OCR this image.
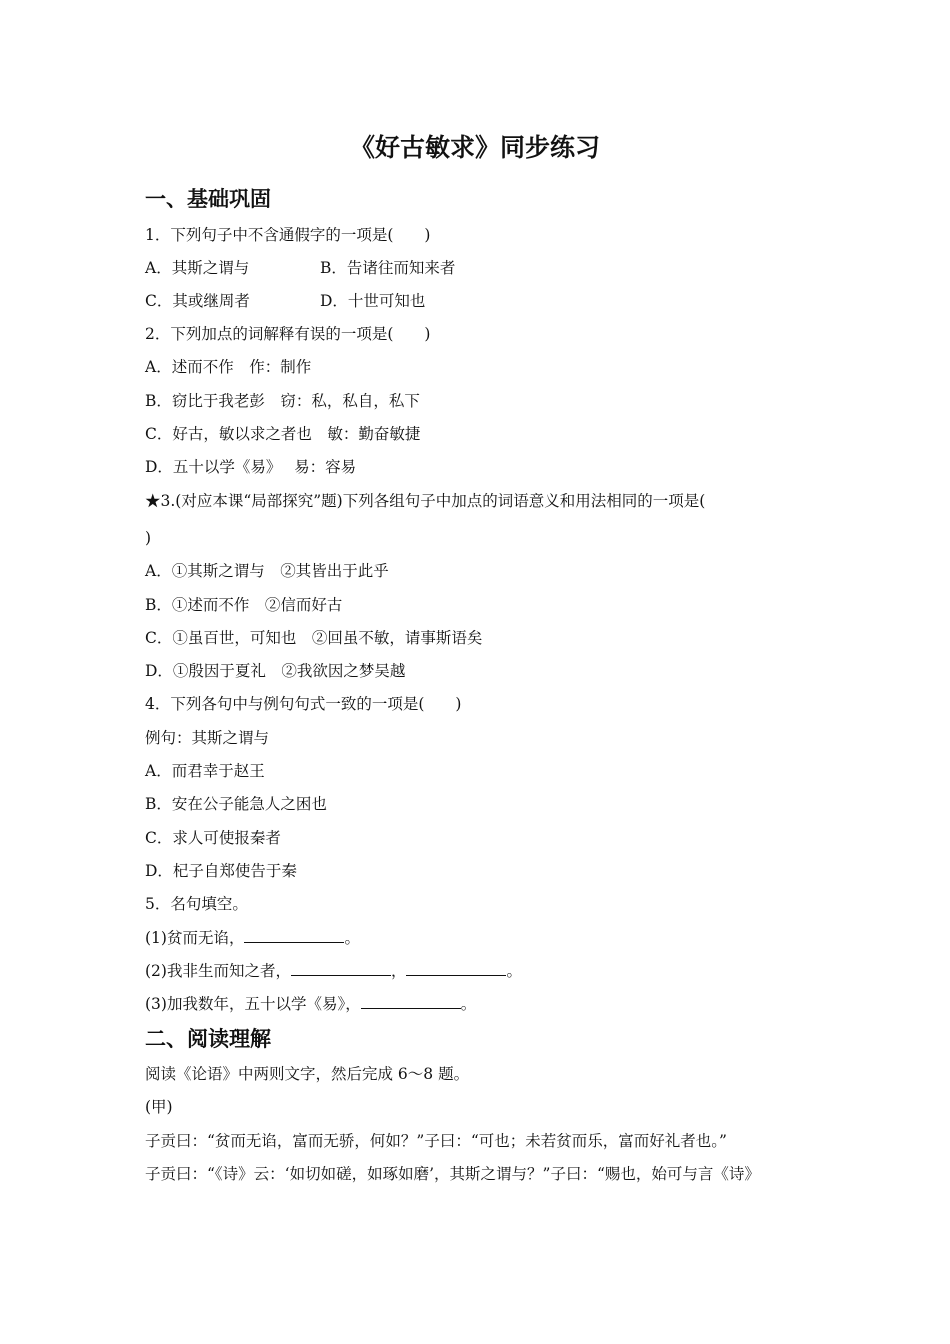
《好古敏求》同步练习
一、基础巩固
1．下列句子中不含通假字的一项是(　　)
A．其斯之谓与	B．告诸往而知来者
C．其或继周者	D．十世可知也
2．下列加点的词解释有误的一项是(　　)
A．述而不作　作：制作
B．窃比于我老彭　窃：私，私自，私下
C．好古，敏以求之者也　敏：勤奋敏捷
D．五十以学《易》　 易：容易
★3.(对应本课“局部探究”题)下列各组句子中加点的词语意义和用法相同的一项是(
)
A．①其斯之谓与　②其皆出于此乎
B．①述而不作　②信而好古
C．①虽百世，可知也　②回虽不敏，请事斯语矣
D．①殷因于夏礼　②我欲因之梦吴越
4．下列各句中与例句句式一致的一项是(　　)
例句：其斯之谓与
A．而君幸于赵王
B．安在公子能急人之困也
C．求人可使报秦者
D．杞子自郑使告于秦
5．名句填空。
(1)贫而无谄，	。
(2)我非生而知之者，	，	。
(3)加我数年，五十以学《易》，	。
二、阅读理解
阅读《论语》中两则文字，然后完成 6～8 题。
(甲)
子贡曰：“贫而无谄，富而无骄，何如？”子曰：“可也；未若贫而乐，富而好礼者也。”
子贡曰：“《诗》云：‘如切如磋，如琢如磨’，其斯之谓与？”子曰：“赐也，始可与言《诗》
